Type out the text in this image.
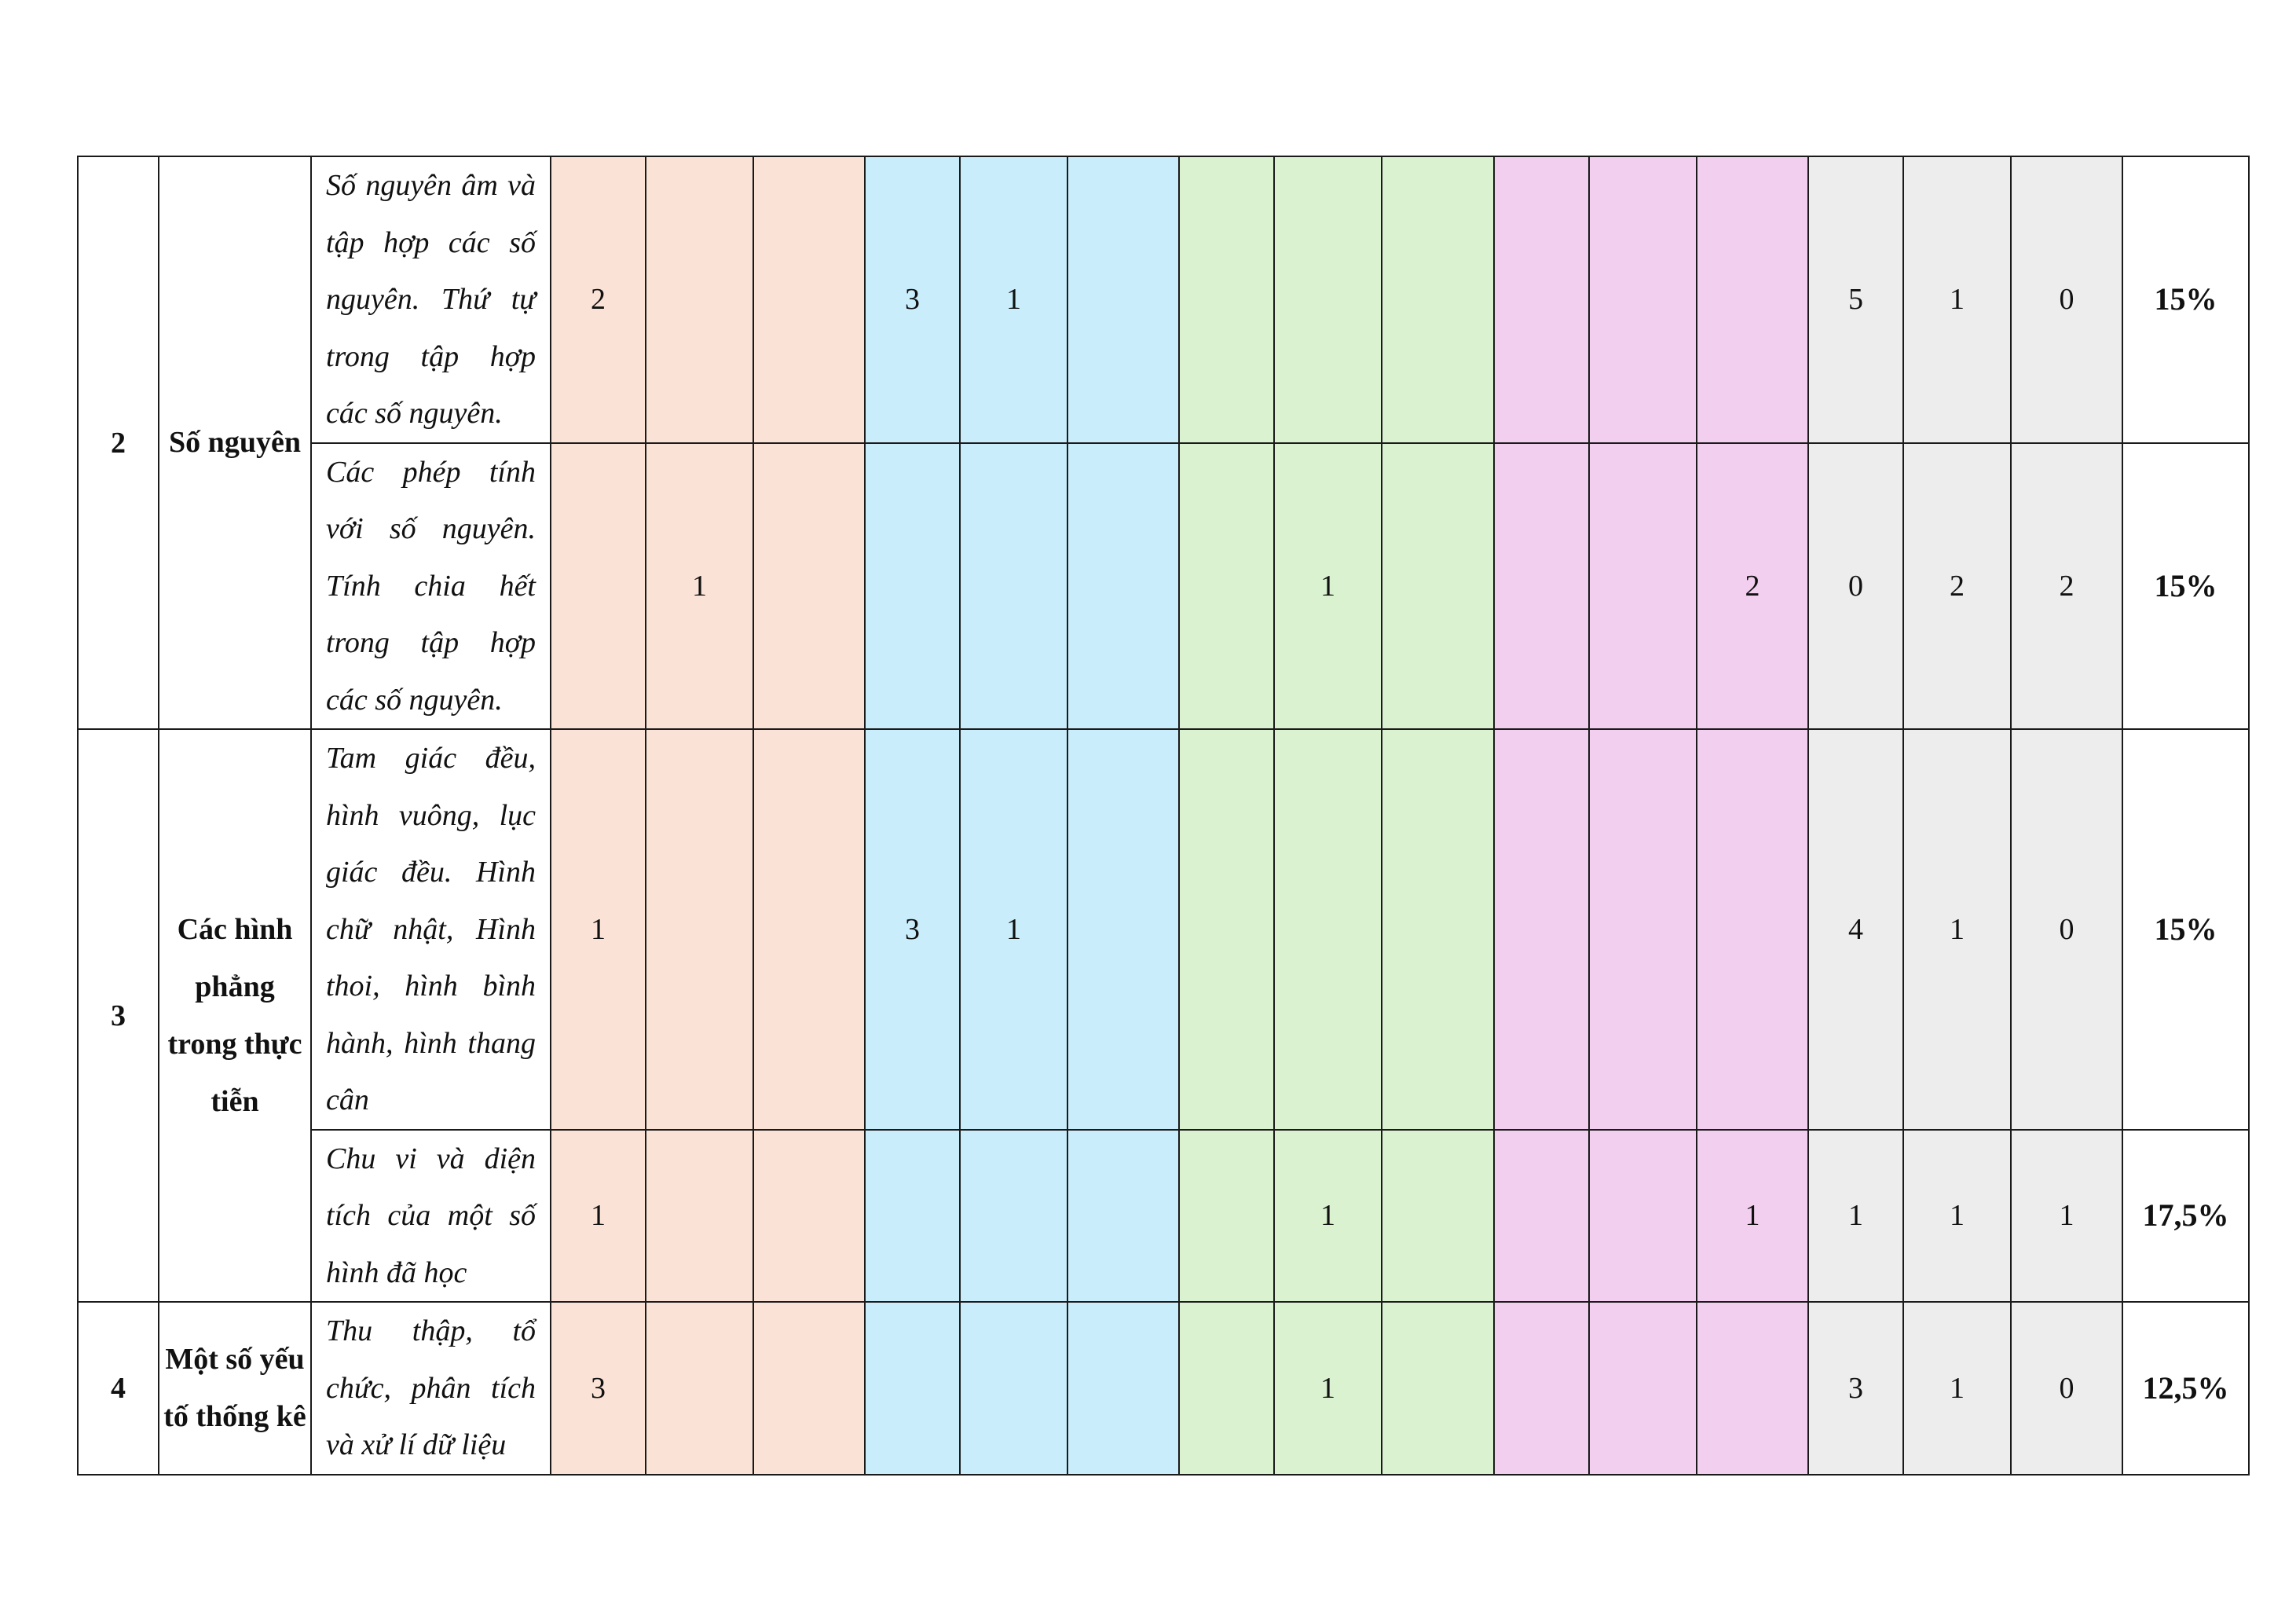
2	Số nguyên	Số nguyên âm và tập hợp các số nguyên. Thứ tự trong tập hợp các số nguyên.	2			3	1								5	1	0	15%

		Các phép tính với số nguyên. Tính chia hết trong tập hợp các số nguyên.		1						1				2	0	2	2	15%
3	Các hình phẳng trong thực tiễn	Tam giác đều, hình vuông, lục giác đều. Hình chữ nhật, Hình thoi, hình bình hành, hình thang cân	1			3	1								4	1	0	15%

		Chu vi và diện tích của một số hình đã học	1							1				1	1	1	1	17,5%
4	Một số yếu tố thống kê	Thu thập, tổ chức, phân tích và xử lí dữ liệu	3							1					3	1	0	12,5%
